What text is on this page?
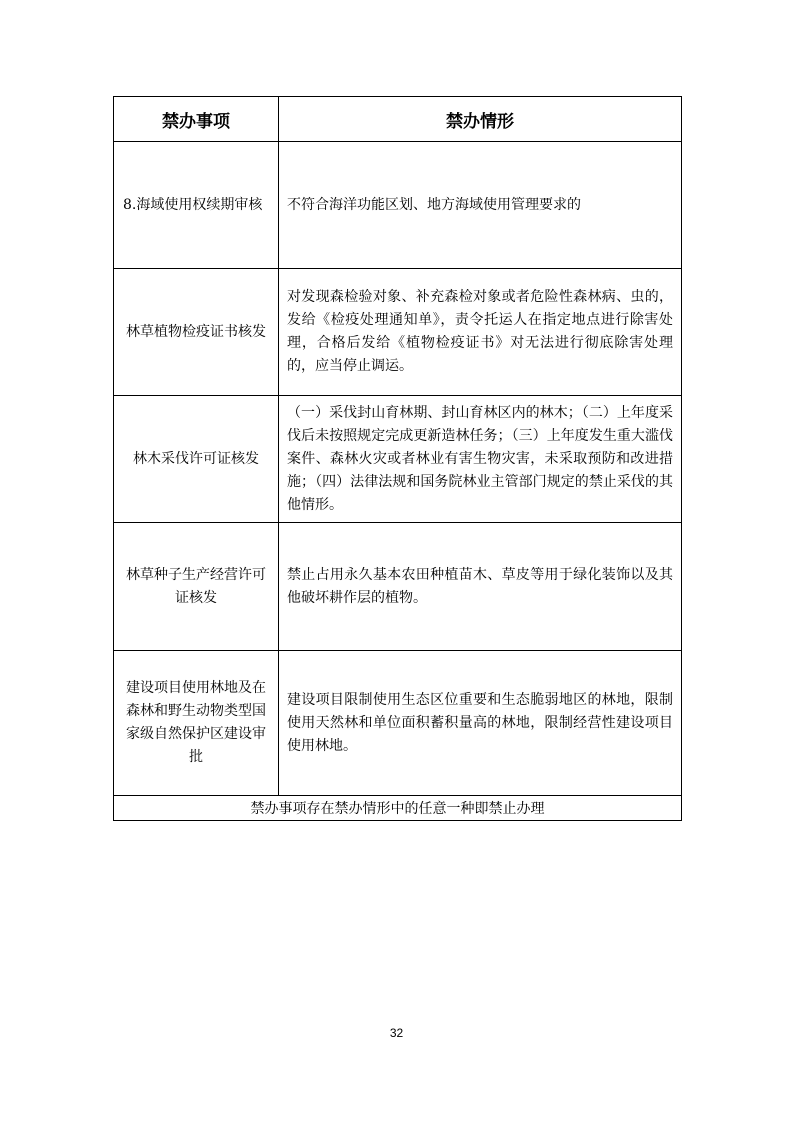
禁办事项	禁办情形
8.海域使用权续期审核	不符合海洋功能区划、地方海域使用管理要求的
林草植物检疫证书核发	对发现森检验对象、补充森检对象或者危险性森林病、虫的，发给《检疫处理通知单》，责令托运人在指定地点进行除害处理，合格后发给《植物检疫证书》对无法进行彻底除害处理的，应当停止调运。
林木采伐许可证核发	（一）采伐封山育林期、封山育林区内的林木；（二）上年度采伐后未按照规定完成更新造林任务；（三）上年度发生重大滥伐案件、森林火灾或者林业有害生物灾害，未采取预防和改进措施；（四）法律法规和国务院林业主管部门规定的禁止采伐的其他情形。
林草种子生产经营许可证核发	禁止占用永久基本农田种植苗木、草皮等用于绿化装饰以及其他破坏耕作层的植物。
建设项目使用林地及在森林和野生动物类型国家级自然保护区建设审批	建设项目限制使用生态区位重要和生态脆弱地区的林地，限制使用天然林和单位面积蓄积量高的林地，限制经营性建设项目使用林地。
禁办事项存在禁办情形中的任意一种即禁止办理	
32
